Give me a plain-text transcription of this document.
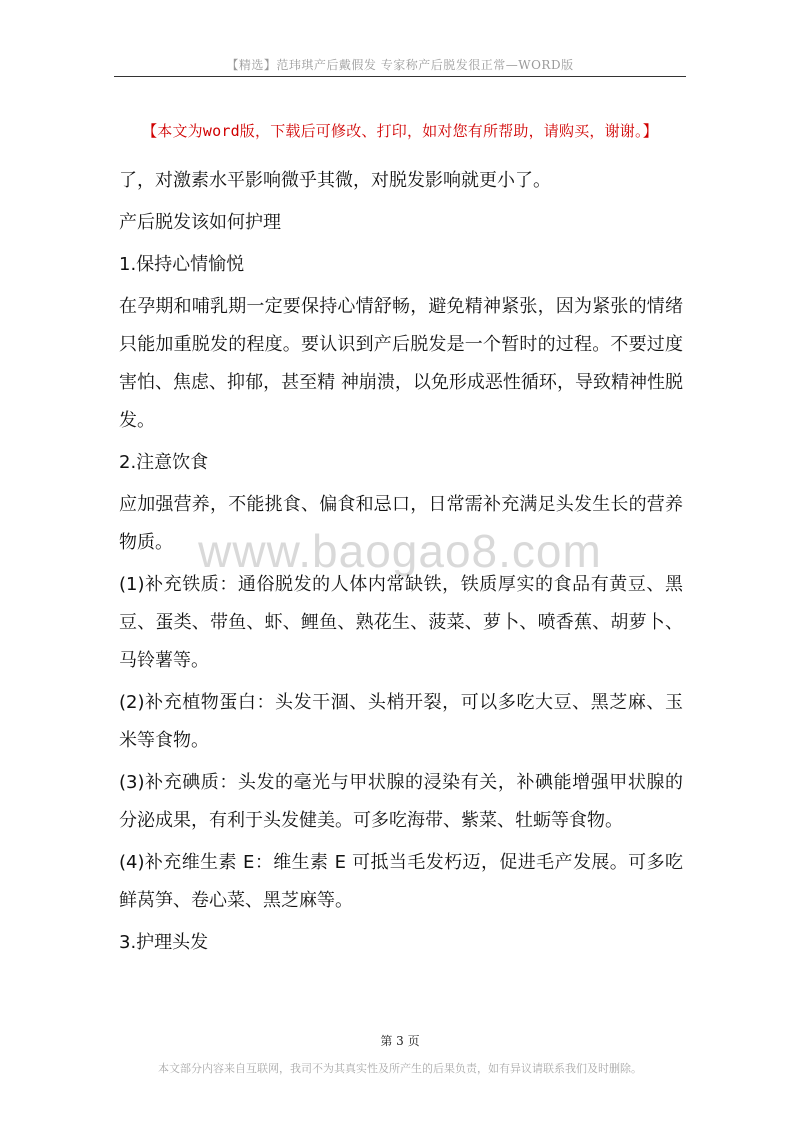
【精选】范玮琪产后戴假发 专家称产后脱发很正常—WORD版
【本文为word版，下载后可修改、打印，如对您有所帮助，请购买，谢谢。】
www.baogao8.com

了，对激素水平影响微乎其微，对脱发影响就更小了。

产后脱发该如何护理

1.保持心情愉悦

在孕期和哺乳期一定要保持心情舒畅，避免精神紧张，因为紧张的情绪只能加重脱发的程度。要认识到产后脱发是一个暂时的过程。不要过度害怕、焦虑、抑郁，甚至精 神崩溃，以免形成恶性循环，导致精神性脱发。

2.注意饮食

应加强营养，不能挑食、偏食和忌口，日常需补充满足头发生长的营养物质。

(1)补充铁质：通俗脱发的人体内常缺铁，铁质厚实的食品有黄豆、黑豆、蛋类、带鱼、虾、鲤鱼、熟花生、菠菜、萝卜、喷香蕉、胡萝卜、马铃薯等。

(2)补充植物蛋白：头发干涸、头梢开裂，可以多吃大豆、黑芝麻、玉米等食物。

(3)补充碘质：头发的毫光与甲状腺的浸染有关，补碘能增强甲状腺的分泌成果，有利于头发健美。可多吃海带、紫菜、牡蛎等食物。

(4)补充维生素 E：维生素 E 可抵当毛发朽迈，促进毛产发展。可多吃鲜莴笋、卷心菜、黑芝麻等。

3.护理头发

第 3 页
本文部分内容来自互联网，我司不为其真实性及所产生的后果负责，如有异议请联系我们及时删除。
